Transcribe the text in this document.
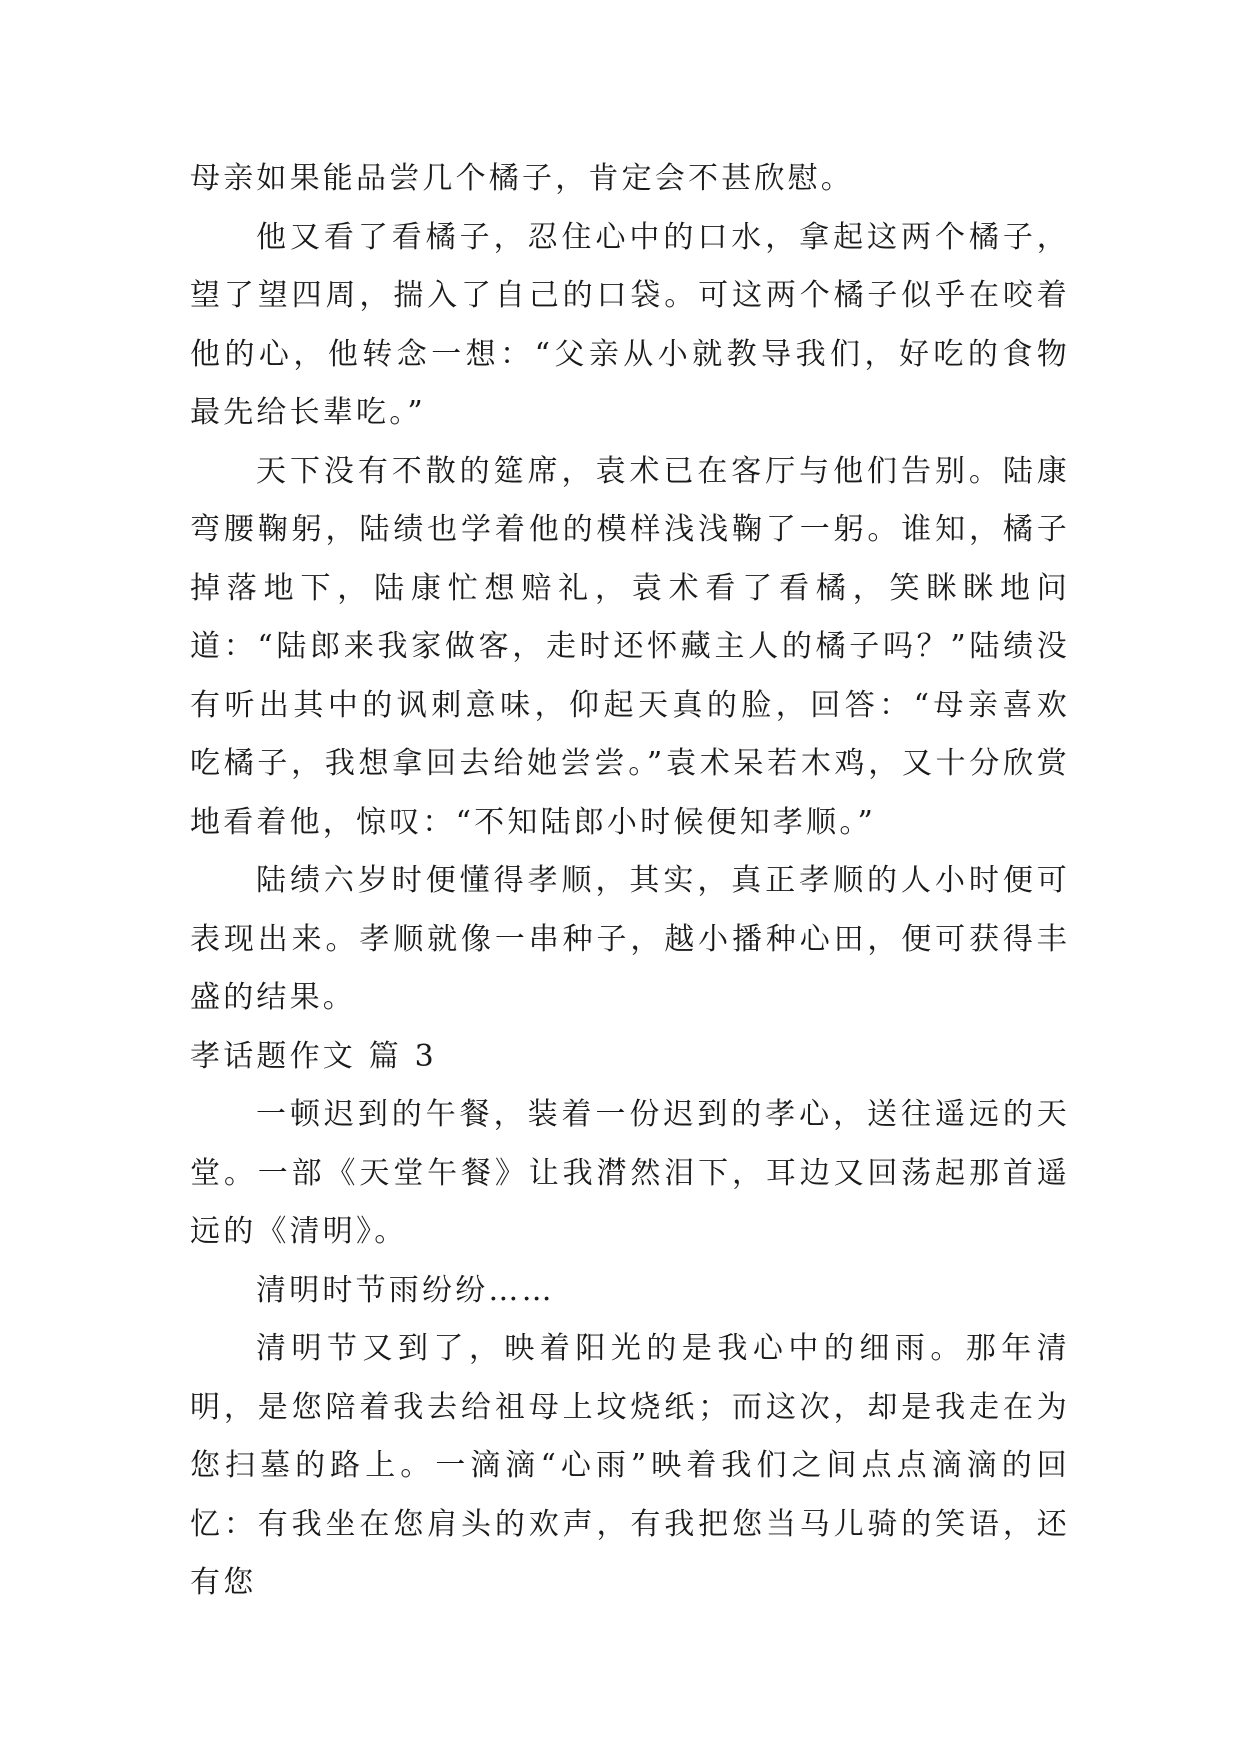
母亲如果能品尝几个橘子，肯定会不甚欣慰。

他又看了看橘子，忍住心中的口水，拿起这两个橘子，望了望四周，揣入了自己的口袋。可这两个橘子似乎在咬着他的心，他转念一想：“父亲从小就教导我们，好吃的食物最先给长辈吃。”

天下没有不散的筵席，袁术已在客厅与他们告别。陆康弯腰鞠躬，陆绩也学着他的模样浅浅鞠了一躬。谁知，橘子掉落地下，陆康忙想赔礼，袁术看了看橘，笑眯眯地问道：“陆郎来我家做客，走时还怀藏主人的橘子吗？”陆绩没有听出其中的讽刺意味，仰起天真的脸，回答：“母亲喜欢吃橘子，我想拿回去给她尝尝。”袁术呆若木鸡，又十分欣赏地看着他，惊叹：“不知陆郎小时候便知孝顺。”

陆绩六岁时便懂得孝顺，其实，真正孝顺的人小时便可表现出来。孝顺就像一串种子，越小播种心田，便可获得丰盛的结果。

孝话题作文 篇 3

一顿迟到的午餐，装着一份迟到的孝心，送往遥远的天堂。一部《天堂午餐》让我潸然泪下，耳边又回荡起那首遥远的《清明》。

清明时节雨纷纷……

清明节又到了，映着阳光的是我心中的细雨。那年清明，是您陪着我去给祖母上坟烧纸；而这次，却是我走在为您扫墓的路上。一滴滴“心雨”映着我们之间点点滴滴的回忆：有我坐在您肩头的欢声，有我把您当马儿骑的笑语，还有您
